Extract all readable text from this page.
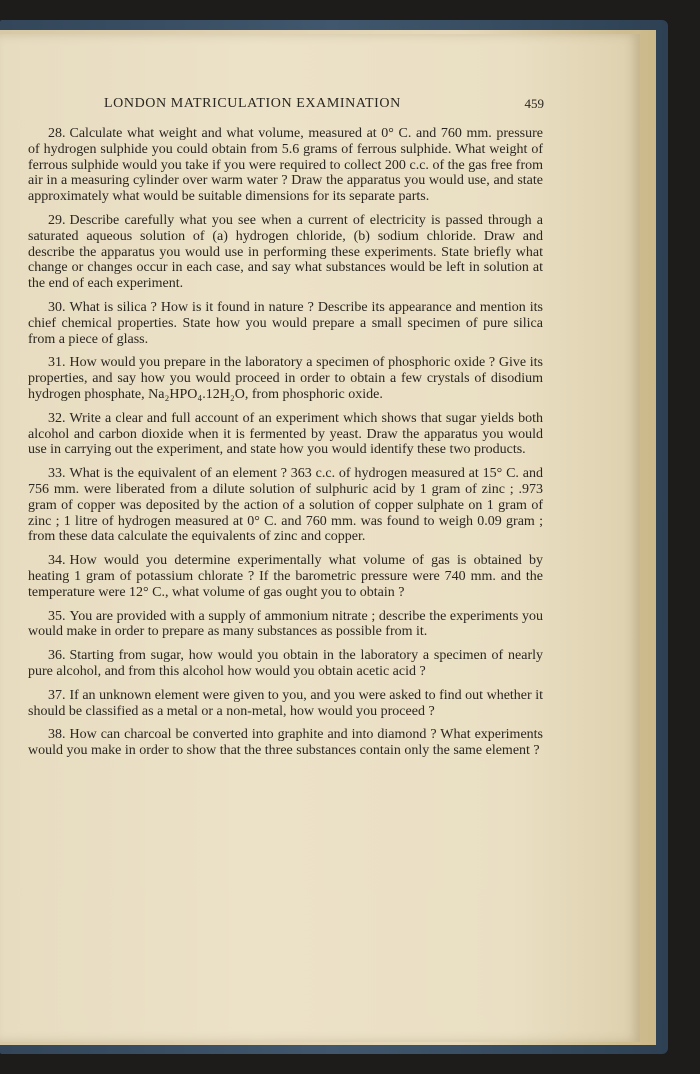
LONDON MATRICULATION EXAMINATION	459

28. Calculate what weight and what volume, measured at 0° C. and 760 mm. pressure of hydrogen sulphide you could obtain from 5.6 grams of ferrous sulphide. What weight of ferrous sulphide would you take if you were required to collect 200 c.c. of the gas free from air in a measuring cylinder over warm water ? Draw the apparatus you would use, and state approximately what would be suitable dimensions for its separate parts.

29. Describe carefully what you see when a current of electricity is passed through a saturated aqueous solution of (a) hydrogen chloride, (b) sodium chloride. Draw and describe the apparatus you would use in performing these experiments. State briefly what change or changes occur in each case, and say what substances would be left in solution at the end of each experiment.

30. What is silica ? How is it found in nature ? Describe its appearance and mention its chief chemical properties. State how you would prepare a small specimen of pure silica from a piece of glass.

31. How would you prepare in the laboratory a specimen of phosphoric oxide ? Give its properties, and say how you would proceed in order to obtain a few crystals of disodium hydrogen phosphate, Na₂HPO₄.12H₂O, from phosphoric oxide.

32. Write a clear and full account of an experiment which shows that sugar yields both alcohol and carbon dioxide when it is fermented by yeast. Draw the apparatus you would use in carrying out the experiment, and state how you would identify these two products.

33. What is the equivalent of an element ? 363 c.c. of hydrogen measured at 15° C. and 756 mm. were liberated from a dilute solution of sulphuric acid by 1 gram of zinc ; .973 gram of copper was deposited by the action of a solution of copper sulphate on 1 gram of zinc ; 1 litre of hydrogen measured at 0° C. and 760 mm. was found to weigh 0.09 gram ; from these data calculate the equivalents of zinc and copper.

34. How would you determine experimentally what volume of gas is obtained by heating 1 gram of potassium chlorate ? If the barometric pressure were 740 mm. and the temperature were 12° C., what volume of gas ought you to obtain ?

35. You are provided with a supply of ammonium nitrate ; describe the experiments you would make in order to prepare as many substances as possible from it.

36. Starting from sugar, how would you obtain in the laboratory a specimen of nearly pure alcohol, and from this alcohol how would you obtain acetic acid ?

37. If an unknown element were given to you, and you were asked to find out whether it should be classified as a metal or a non-metal, how would you proceed ?

38. How can charcoal be converted into graphite and into diamond ? What experiments would you make in order to show that the three substances contain only the same element ?
